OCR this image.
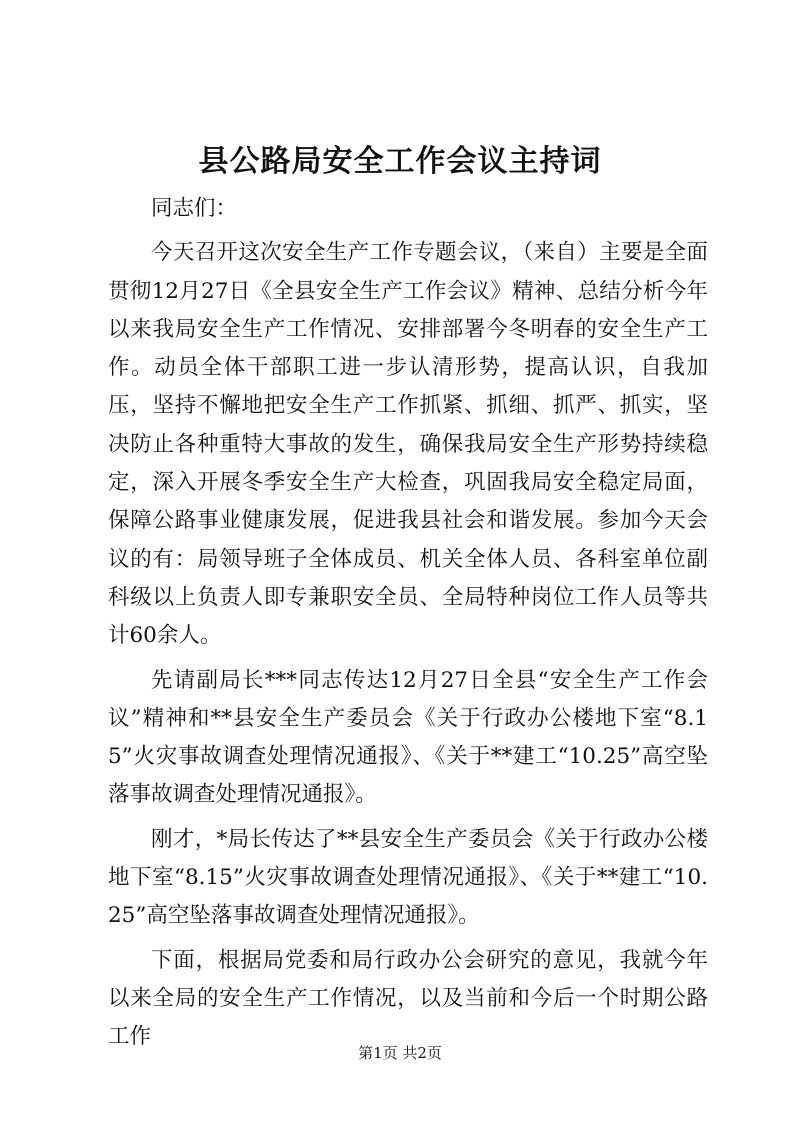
县公路局安全工作会议主持词

同志们：

今天召开这次安全生产工作专题会议，（来自）主要是全面贯彻12月27日《全县安全生产工作会议》精神、总结分析今年以来我局安全生产工作情况、安排部署今冬明春的安全生产工作。动员全体干部职工进一步认清形势，提高认识，自我加压，坚持不懈地把安全生产工作抓紧、抓细、抓严、抓实，坚决防止各种重特大事故的发生，确保我局安全生产形势持续稳定，深入开展冬季安全生产大检查，巩固我局安全稳定局面，保障公路事业健康发展，促进我县社会和谐发展。参加今天会议的有：局领导班子全体成员、机关全体人员、各科室单位副科级以上负责人即专兼职安全员、全局特种岗位工作人员等共计60余人。

先请副局长***同志传达12月27日全县“安全生产工作会议”精神和**县安全生产委员会《关于行政办公楼地下室“8.15”火灾事故调查处理情况通报》、《关于**建工“10.25”高空坠落事故调查处理情况通报》。

刚才，*局长传达了**县安全生产委员会《关于行政办公楼地下室“8.15”火灾事故调查处理情况通报》、《关于**建工“10.25”高空坠落事故调查处理情况通报》。

下面，根据局党委和局行政办公会研究的意见，我就今年以来全局的安全生产工作情况，以及当前和今后一个时期公路工作

第1页 共2页
